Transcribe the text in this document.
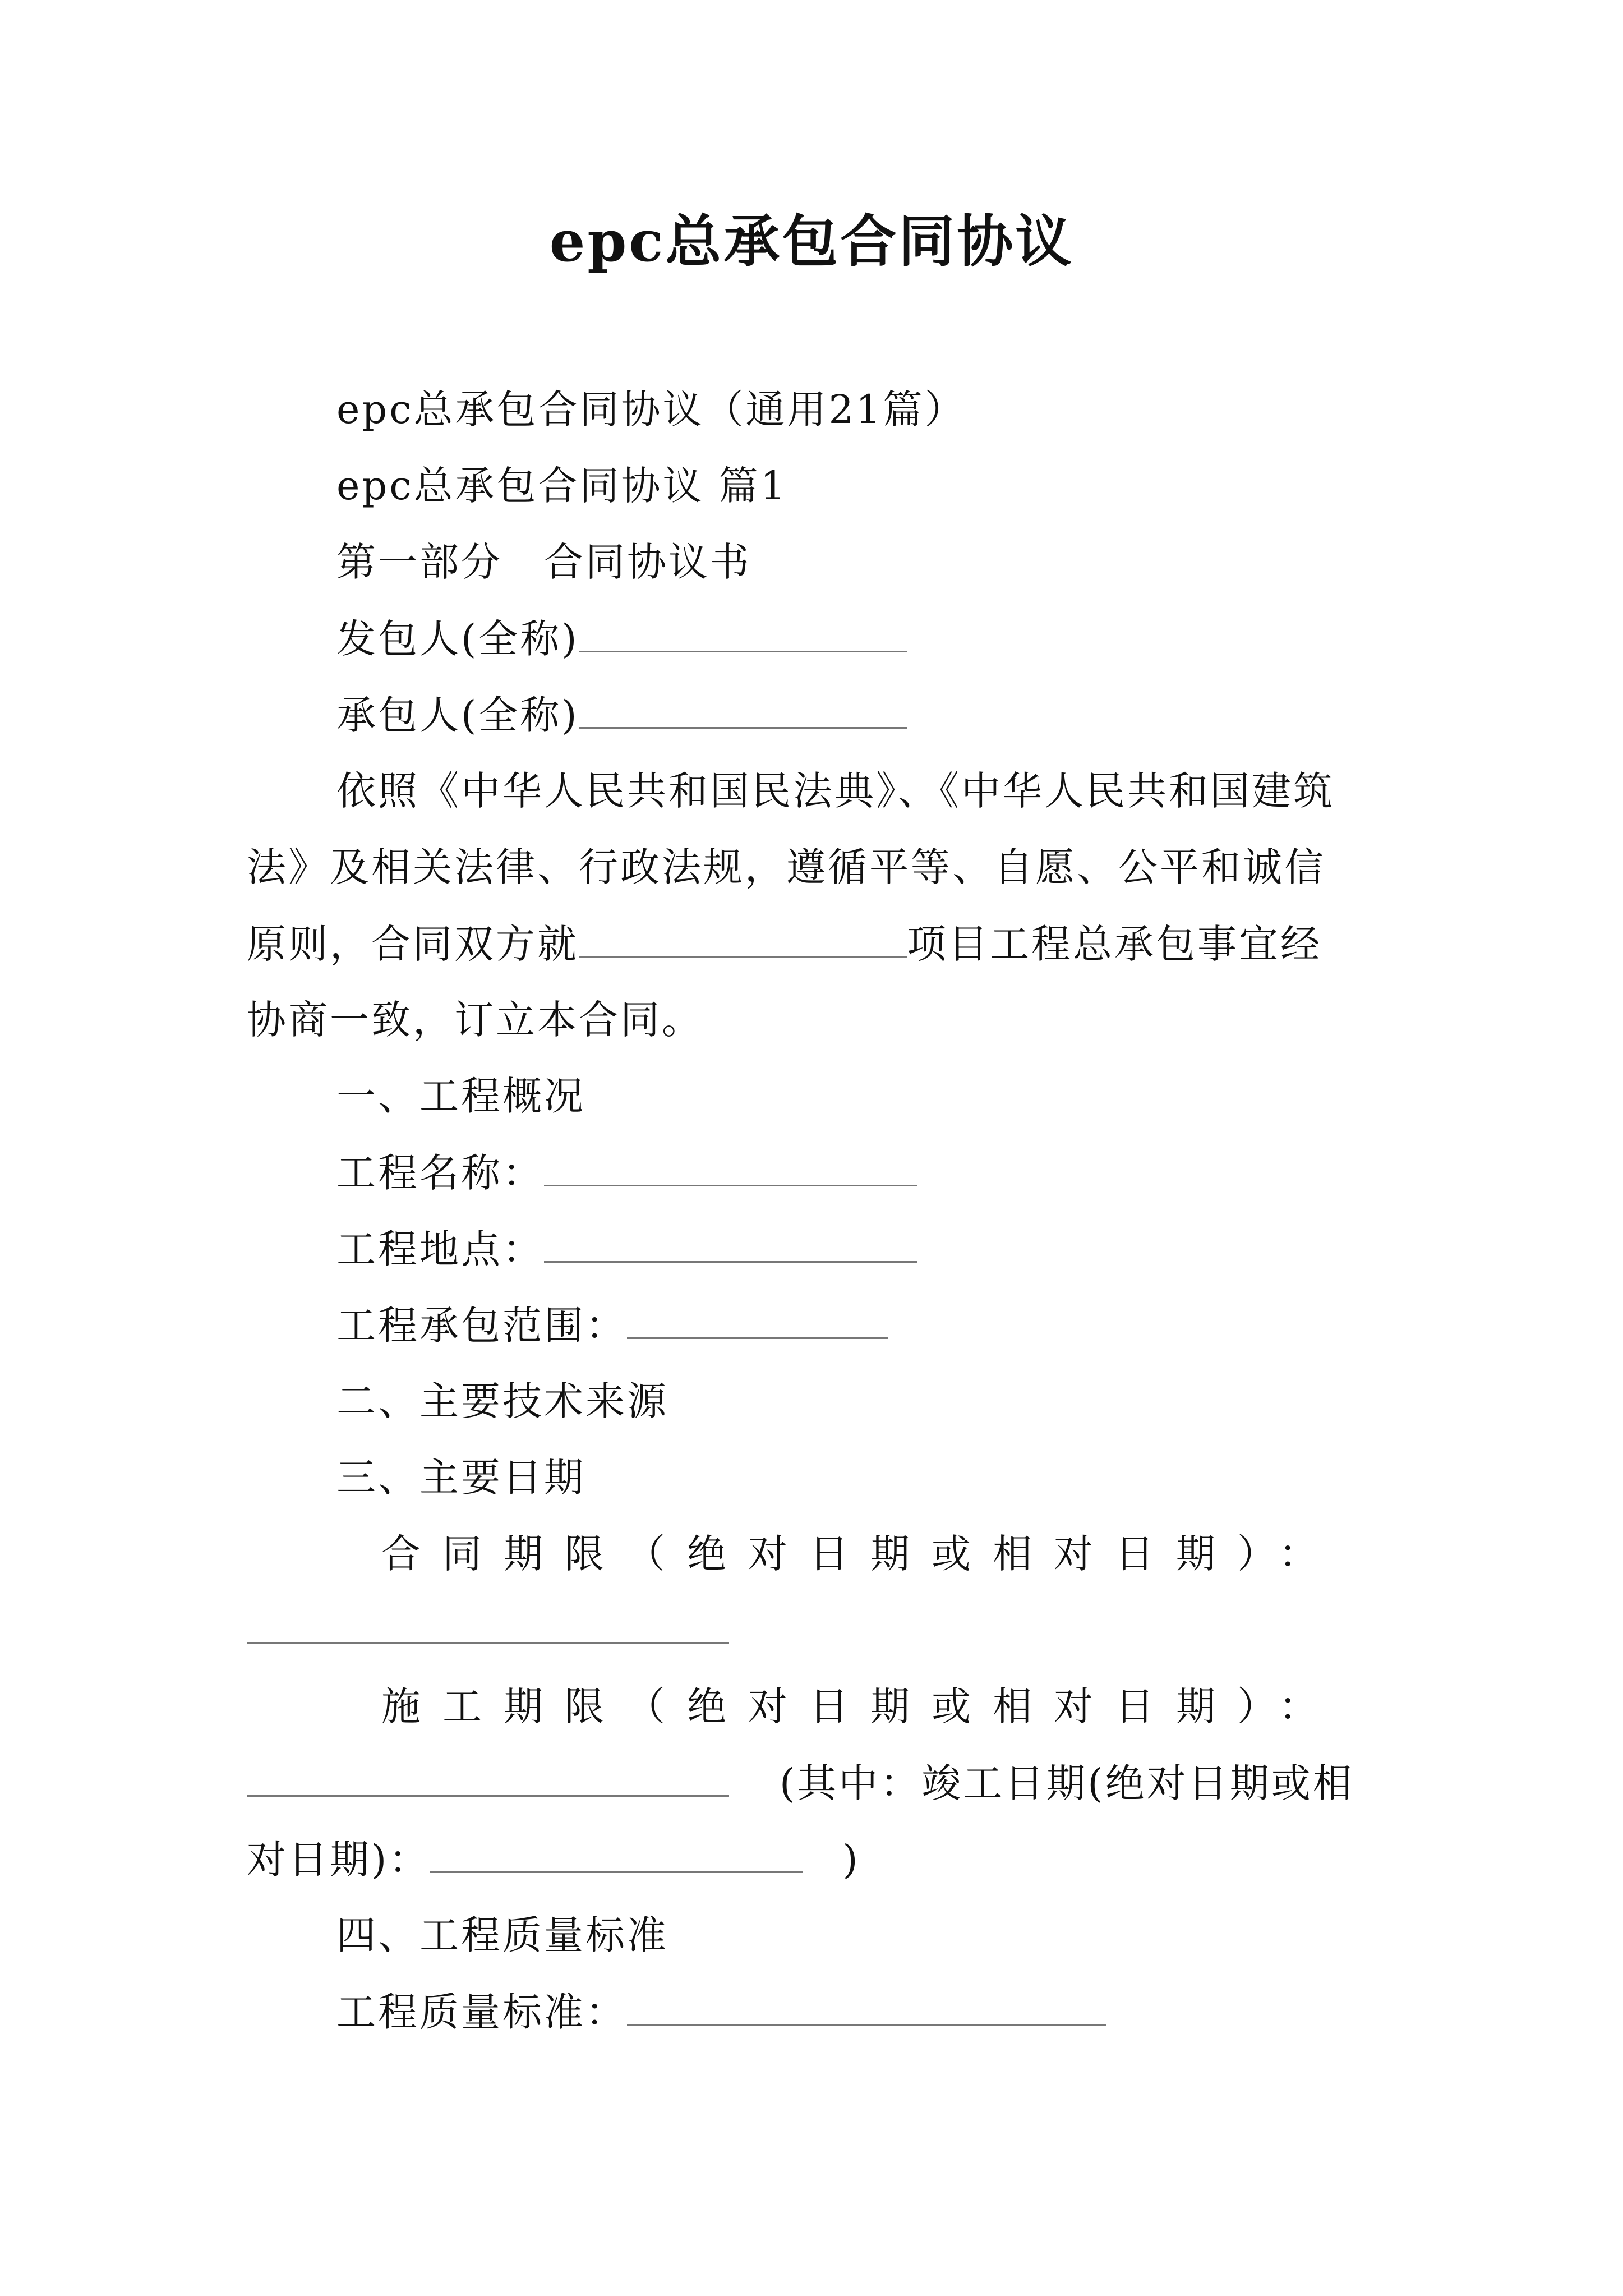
epc总承包合同协议
epc总承包合同协议（通用21篇）
epc总承包合同协议 篇1
第一部分　合同协议书
发包人(全称)
承包人(全称)
依照《中华人民共和国民法典》、《中华人民共和国建筑
法》及相关法律、行政法规，遵循平等、自愿、公平和诚信
原则，合同双方就	项目工程总承包事宜经
协商一致，订立本合同。
一、工程概况
工程名称：
工程地点：
工程承包范围：
二、主要技术来源
三、主要日期
合同期限（绝对日期或相对日期）：
施工期限（绝对日期或相对日期）：
(其中：竣工日期(绝对日期或相
对日期)：	)
四、工程质量标准
工程质量标准：
